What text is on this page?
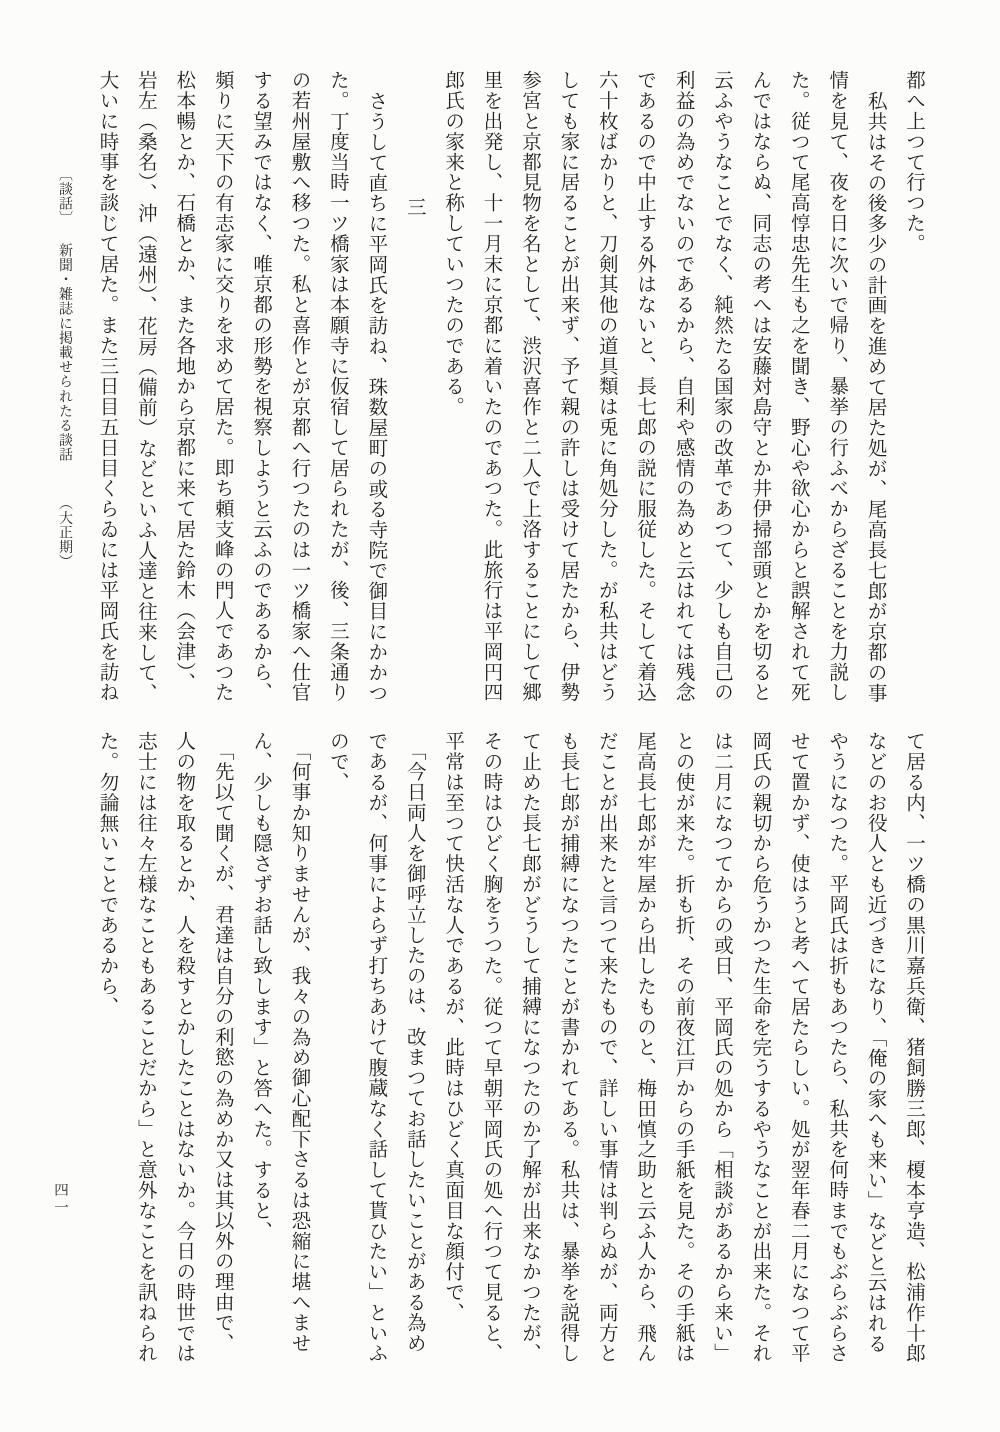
都へ上つて行つた。
私共はその後多少の計画を進めて居た処が、尾高長七郎が京都の事
情を見て、夜を日に次いで帰り、暴挙の行ふべからざることを力説し
た。従つて尾高惇忠先生も之を聞き、野心や欲心からと誤解されて死
んではならぬ、同志の考へは安藤対島守とか井伊掃部頭とかを切ると
云ふやうなことでなく、純然たる国家の改革であつて、少しも自己の
利益の為めでないのであるから、自利や感情の為めと云はれては残念
であるので中止する外はないと、長七郎の説に服従した。そして着込
六十枚ばかりと、刀剣其他の道具類は兎に角処分した。が私共はどう
しても家に居ることが出来ず、予て親の許しは受けて居たから、伊勢
参宮と京都見物を名として、渋沢喜作と二人で上洛することにして郷
里を出発し、十一月末に京都に着いたのであつた。此旅行は平岡円四
郎氏の家来と称していつたのである。
三
さうして直ちに平岡氏を訪ね、珠数屋町の或る寺院で御目にかかつ
た。丁度当時一ツ橋家は本願寺に仮宿して居られたが、後、三条通り
の若州屋敷へ移つた。私と喜作とが京都へ行つたのは一ツ橋家へ仕官
する望みではなく、唯京都の形勢を視察しようと云ふのであるから、
頻りに天下の有志家に交りを求めて居た。即ち頼支峰の門人であつた
松本暢とか、石橋とか、また各地から京都に来て居た鈴木（会津）、
岩左（桑名）、沖（遠州）、花房（備前）などといふ人達と往来して、
大いに時事を談じて居た。また三日目五日目くらゐには平岡氏を訪ね
て居る内、一ツ橋の黒川嘉兵衛、猪飼勝三郎、榎本亨造、松浦作十郎
などのお役人とも近づきになり、「俺の家へも来い」などと云はれる
やうになつた。平岡氏は折もあつたら、私共を何時までもぶらぶらさ
せて置かず、使はうと考へて居たらしい。処が翌年春二月になつて平
岡氏の親切から危うかつた生命を完うするやうなことが出来た。それ
は二月になつてからの或日、平岡氏の処から「相談があるから来い」
との使が来た。折も折、その前夜江戸からの手紙を見た。その手紙は
尾高長七郎が牢屋から出したものと、梅田慎之助と云ふ人から、飛ん
だことが出来たと言つて来たもので、詳しい事情は判らぬが、両方と
も長七郎が捕縛になつたことが書かれてある。私共は、暴挙を説得し
て止めた長七郎がどうして捕縛になつたのか了解が出来なかつたが、
その時はひどく胸をうつた。従つて早朝平岡氏の処へ行つて見ると、
平常は至つて快活な人であるが、此時はひどく真面目な顔付で、
「今日両人を御呼立したのは、改まつてお話したいことがある為め
であるが、何事によらず打ちあけて腹蔵なく話して貰ひたい」といふ
ので、
「何事か知りませんが、我々の為め御心配下さるは恐縮に堪へませ
ん、少しも隠さずお話し致します」と答へた。すると、
「先以て聞くが、君達は自分の利慾の為めか又は其以外の理由で、
人の物を取るとか、人を殺すとかしたことはないか。今日の時世では
志士には往々左様なこともあることだから」と意外なことを訊ねられ
た。勿論無いことであるから、
〔談話〕 新聞・雑誌に掲載せられたる談話 （大正期）
四一
